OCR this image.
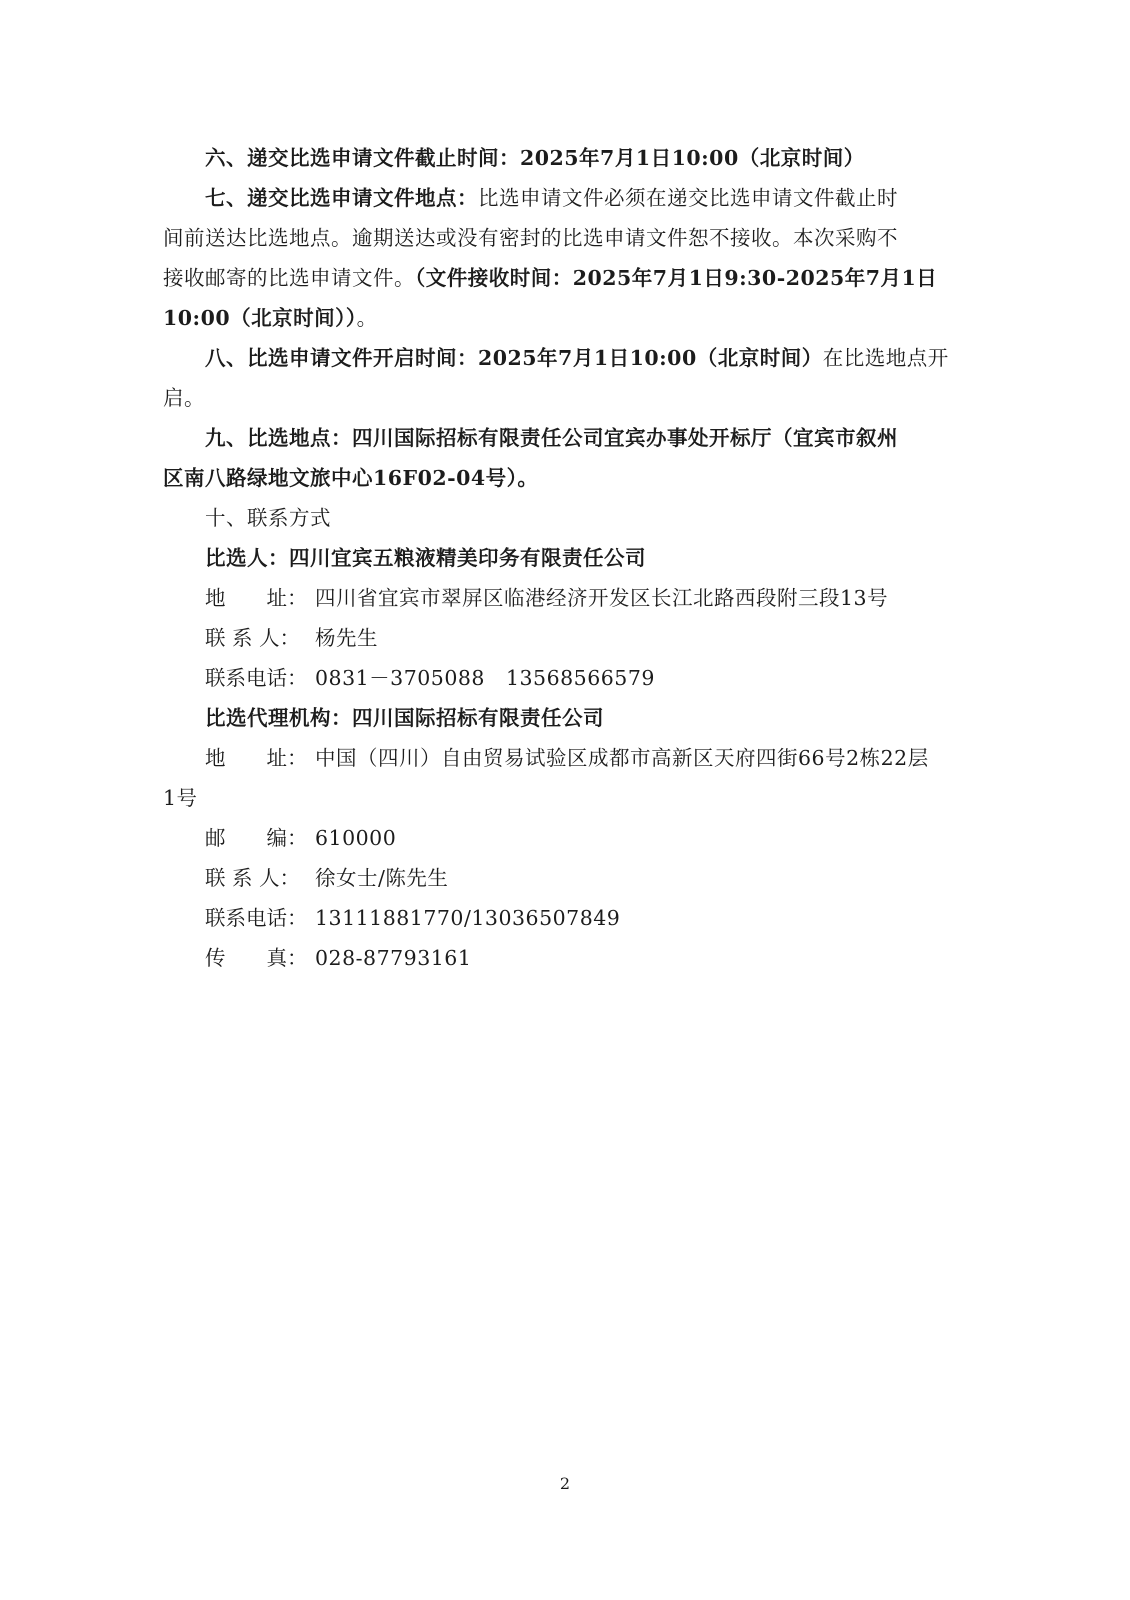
六、递交比选申请文件截止时间：2025年7月1日10:00（北京时间）
七、递交比选申请文件地点：比选申请文件必须在递交比选申请文件截止时
间前送达比选地点。逾期送达或没有密封的比选申请文件恕不接收。本次采购不
接收邮寄的比选申请文件。（文件接收时间：2025年7月1日9:30-2025年7月1日
10:00（北京时间））。
八、比选申请文件开启时间：2025年7月1日10:00（北京时间）在比选地点开
启。
九、比选地点：四川国际招标有限责任公司宜宾办事处开标厅（宜宾市叙州
区南八路绿地文旅中心16F02-04号）。
十、联系方式
比选人：四川宜宾五粮液精美印务有限责任公司
地　　址： 四川省宜宾市翠屏区临港经济开发区长江北路西段附三段13号
联 系 人： 杨先生
联系电话： 0831－3705088　13568566579
比选代理机构：四川国际招标有限责任公司
地　　址： 中国（四川）自由贸易试验区成都市高新区天府四街66号2栋22层
1号
邮　　编： 610000
联 系 人： 徐女士/陈先生
联系电话： 13111881770/13036507849
传　　真： 028-87793161
2
